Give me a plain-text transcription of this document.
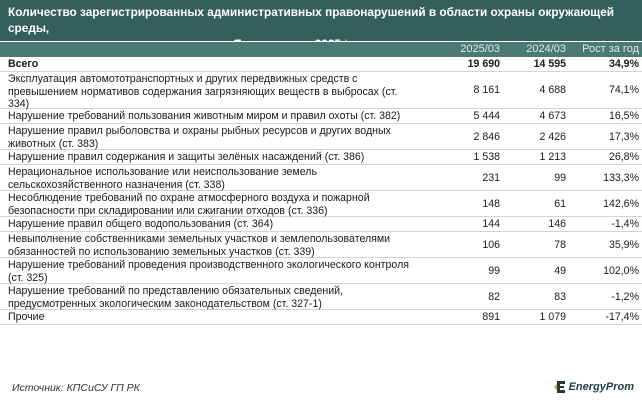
Количество зарегистрированных административных правонарушений в области охраны окружающей среды,
2025/03 2024/03 Рост за год
Всего	19 690	14 595	34,9%
Эксплуатация автомототранспортных и других передвижных средств с превышением нормативов содержания загрязняющих веществ в выбросах (ст. 334)
8 161	4 688	74,1%
Нарушение требований пользования животным миром и правил охоты (ст. 382)	5 444	4 673	16,5%
Нарушение правил рыболовства и охраны рыбных ресурсов и других водных животных (ст. 383)
2 846	2 426	17,3%
Нарушение правил содержания и защиты зелёных насаждений (ст. 386)	1 538	1 213	26,8%
Нерациональное использование или неиспользование земель сельскохозяйственного назначения (ст. 338)
231	99	133,3%
Несоблюдение требований по охране атмосферного воздуха и пожарной безопасности при складировании или сжигании отходов (ст. 336)
148	61	142,6%
Нарушение правил общего водопользования (ст. 364)	144	146	-1,4%
Невыполнение собственниками земельных участков и землепользователями обязанностей по использованию земельных участков (ст. 339)
106	78	35,9%
Нарушение требований проведения производственного экологического контроля (ст. 325)
99	49	102,0%
Нарушение требований по представлению обязательных сведений, предусмотренных экологическим законодательством (ст. 327-1)
82	83	-1,2%
Прочие	891	1 079	-17,4%
Источник: КПСиСУ ГП РК	EnergyProm
